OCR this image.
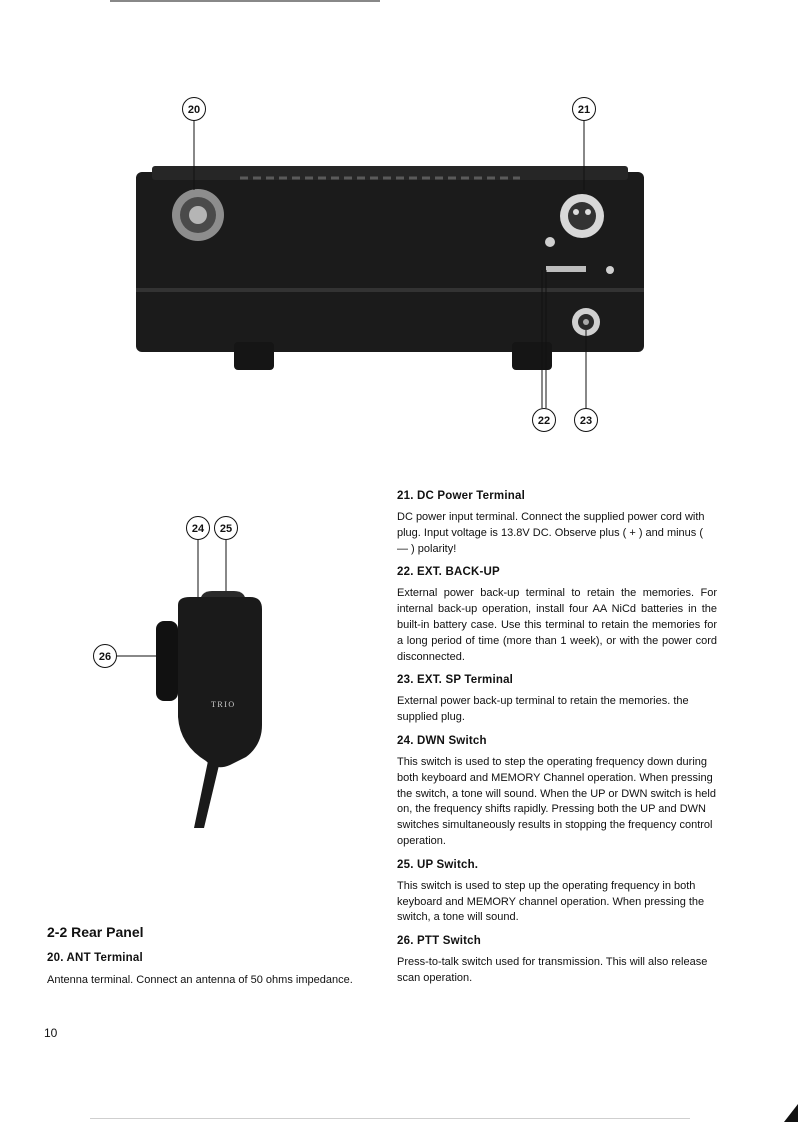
20	21
22	23
TRIO
24	25
26
2-2 Rear Panel
20. ANT Terminal
Antenna terminal. Connect an antenna of 50 ohms impedance.
21. DC Power Terminal
DC power input terminal. Connect the supplied power cord with plug. Input voltage is 13.8V DC. Observe plus ( + ) and minus ( — ) polarity!
22. EXT. BACK-UP
External power back-up terminal to retain the memories. For internal back-up operation, install four AA NiCd batteries in the built-in battery case. Use this terminal to retain the memories for a long period of time (more than 1 week), or with the power cord disconnected.
23. EXT. SP Terminal
External power back-up terminal to retain the memories. the supplied plug.
24. DWN Switch
This switch is used to step the operating frequency down during both keyboard and MEMORY Channel operation. When pressing the switch, a tone will sound. When the UP or DWN switch is held on, the frequency shifts rapidly. Pressing both the UP and DWN switches simultaneously results in stopping the frequency control operation.
25. UP Switch.
This switch is used to step up the operating frequency in both keyboard and MEMORY channel operation. When pressing the switch, a tone will sound.
26. PTT Switch
Press-to-talk switch used for transmission. This will also release scan operation.
10
